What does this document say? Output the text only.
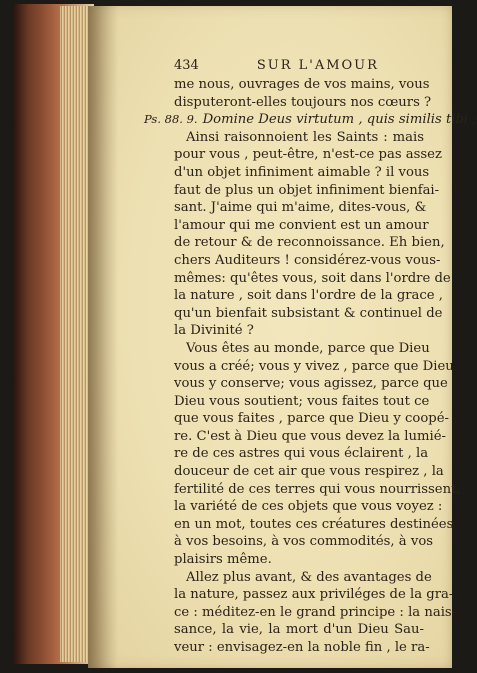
434	SUR L'AMOUR
me nous, ouvrages de vos mains, vous
disputeront-elles toujours nos cœurs ?
Ps. 88. 9. Domine Deus virtutum , quis similis tibi ;
Ainsi raisonnoient les Saints : mais
pour vous , peut-être, n'est-ce pas assez
d'un objet infiniment aimable ? il vous
faut de plus un objet infiniment bienfai-
sant. J'aime qui m'aime, dites-vous, &
l'amour qui me convient est un amour
de retour & de reconnoissance. Eh bien,
chers Auditeurs ! considérez-vous vous-
mêmes: qu'êtes vous, soit dans l'ordre de
la nature , soit dans l'ordre de la grace ,
qu'un bienfait subsistant & continuel de
la Divinité ?
Vous êtes au monde, parce que Dieu
vous a créé; vous y vivez , parce que Dieu
vous y conserve; vous agissez, parce que
Dieu vous soutient; vous faites tout ce
que vous faites , parce que Dieu y coopé-
re. C'est à Dieu que vous devez la lumié-
re de ces astres qui vous éclairent , la
douceur de cet air que vous respirez , la
fertilité de ces terres qui vous nourrissent,
la variété de ces objets que vous voyez :
en un mot, toutes ces créatures destinées
à vos besoins, à vos commodités, à vos
plaisirs même.
Allez plus avant, & des avantages de
la nature, passez aux priviléges de la gra-
ce : méditez-en le grand principe : la nais-
sance, la vie, la mort d'un Dieu Sau-
veur : envisagez-en la noble fin , le ra-
